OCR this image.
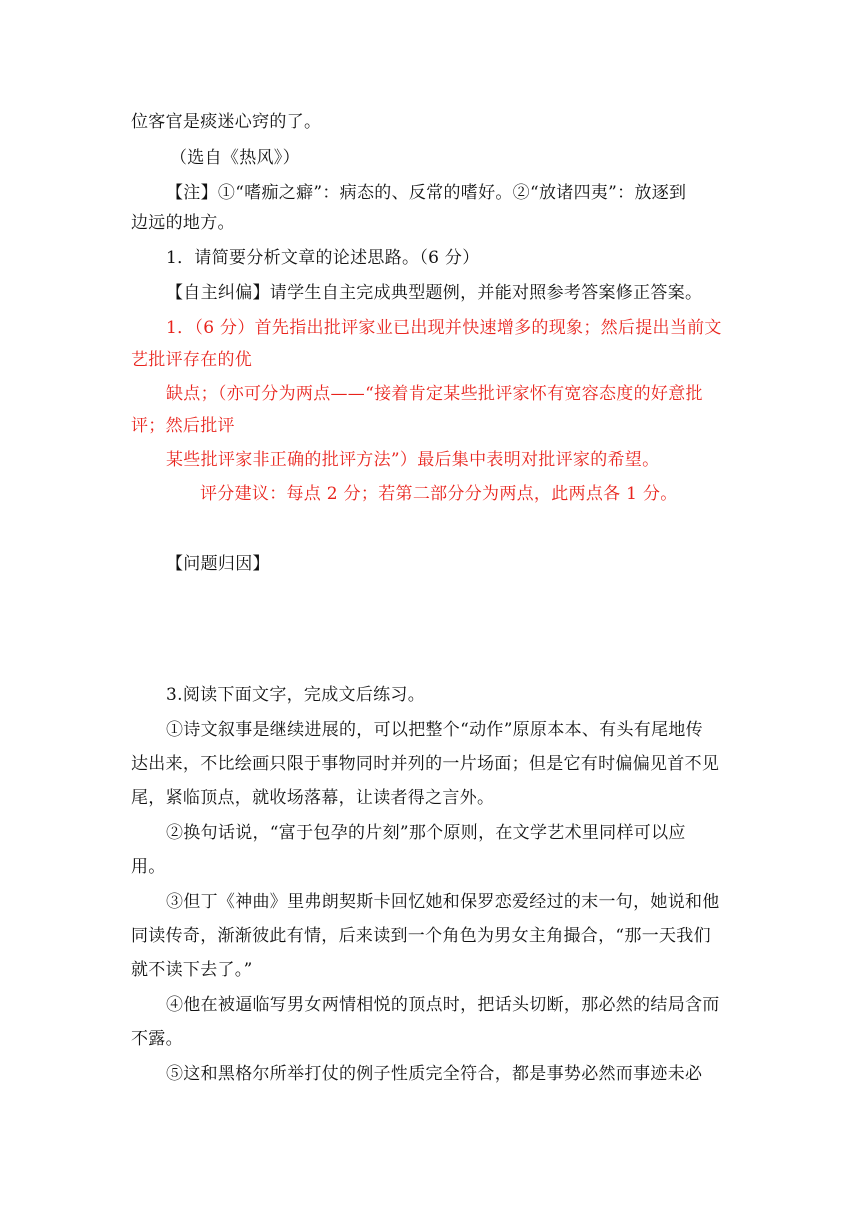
位客官是痰迷心窍的了。
（选自《热风》）
【注】①“嗜痂之癖”：病态的、反常的嗜好。②“放诸四夷”：放逐到
边远的地方。
1．请简要分析文章的论述思路。（6 分）
【自主纠偏】请学生自主完成典型题例，并能对照参考答案修正答案。
1．（6 分）首先指出批评家业已出现并快速增多的现象；然后提出当前文
艺批评存在的优
缺点；（亦可分为两点——“接着肯定某些批评家怀有宽容态度的好意批
评；然后批评
某些批评家非正确的批评方法”）最后集中表明对批评家的希望。
评分建议：每点 2 分；若第二部分分为两点，此两点各 1 分。
【问题归因】
3.阅读下面文字，完成文后练习。
①诗文叙事是继续进展的，可以把整个“动作”原原本本、有头有尾地传
达出来，不比绘画只限于事物同时并列的一片场面；但是它有时偏偏见首不见
尾，紧临顶点，就收场落幕，让读者得之言外。
②换句话说，“富于包孕的片刻”那个原则，在文学艺术里同样可以应
用。
③但丁《神曲》里弗朗契斯卡回忆她和保罗恋爱经过的末一句，她说和他
同读传奇，渐渐彼此有情，后来读到一个角色为男女主角撮合，“那一天我们
就不读下去了。”
④他在被逼临写男女两情相悦的顶点时，把话头切断，那必然的结局含而
不露。
⑤这和黑格尔所举打仗的例子性质完全符合，都是事势必然而事迹未必
